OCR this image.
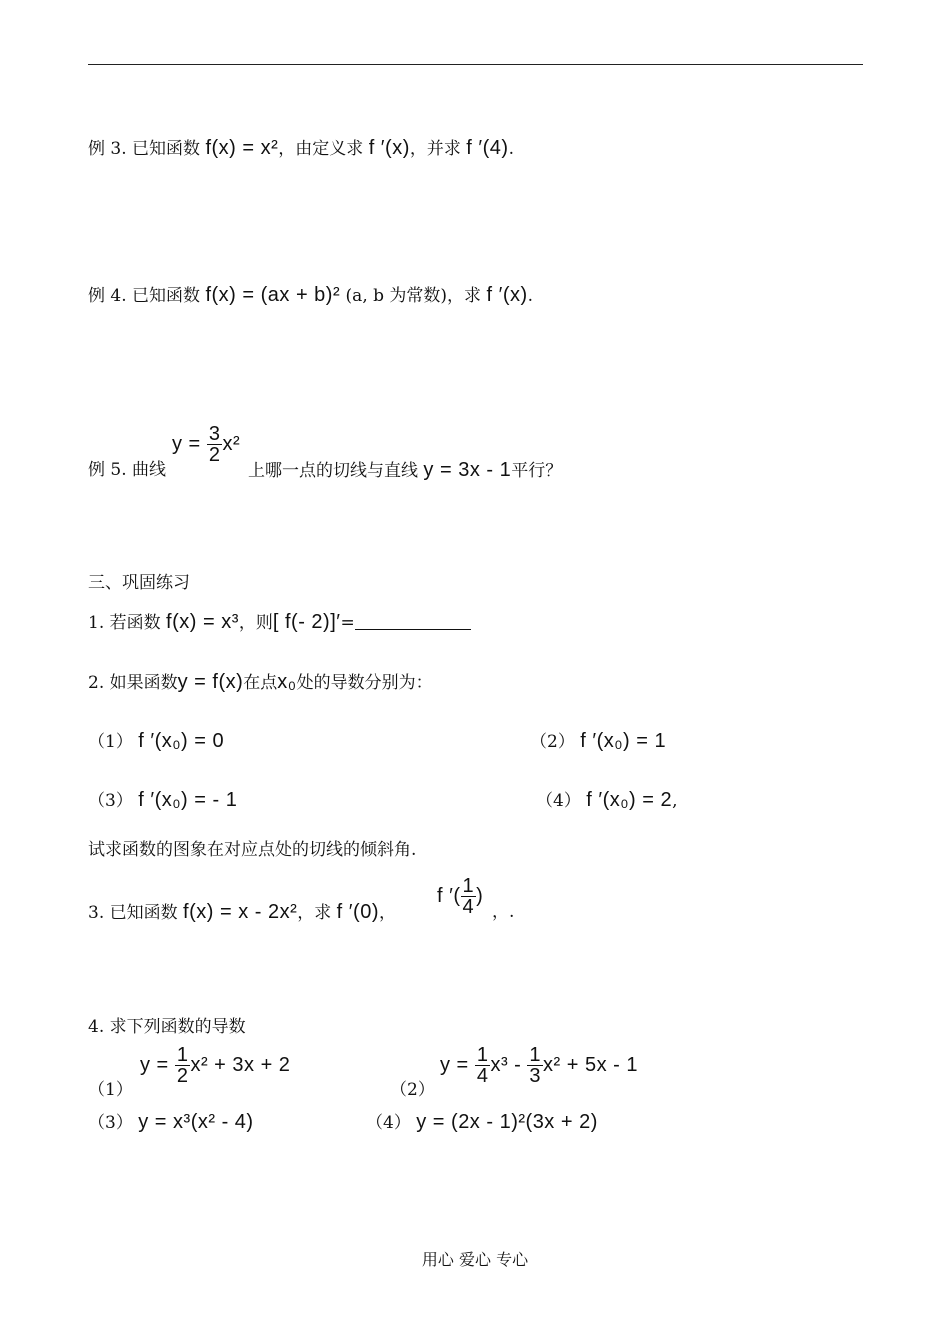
例 3. 已知函数 f(x) = x²，由定义求 f ′(x)，并求 f ′(4).
例 4. 已知函数 f(x) = (ax + b)² (a, b 为常数)，求 f ′(x).
例 5. 曲线
$y = \frac{3}{2} x^2$
上哪一点的切线与直线 y = 3x - 1平行？
三、巩固练习
1. 若函数 f(x) = x³，则[ f(- 2)]′=
2. 如果函数y = f(x)在点x₀处的导数分别为：
（1） f ′(x₀) = 0	（2） f ′(x₀) = 1
（3） f ′(x₀) = - 1	（4） f ′(x₀) = 2,
试求函数的图象在对应点处的切线的倾斜角.
3. 已知函数 f(x) = x - 2x²，求 f ′(0)，
f ′( $\frac{1}{4}$ )
，.
4. 求下列函数的导数
（1）
$y = \frac{1}{2} x^2 + 3x + 2$
（2）
$y = \frac{1}{4} x^3 - \frac{1}{3} x^2 + 5x - 1$
（3） y = x³(x² - 4)	（4） y = (2x - 1)²(3x + 2)
用心 爱心 专心
